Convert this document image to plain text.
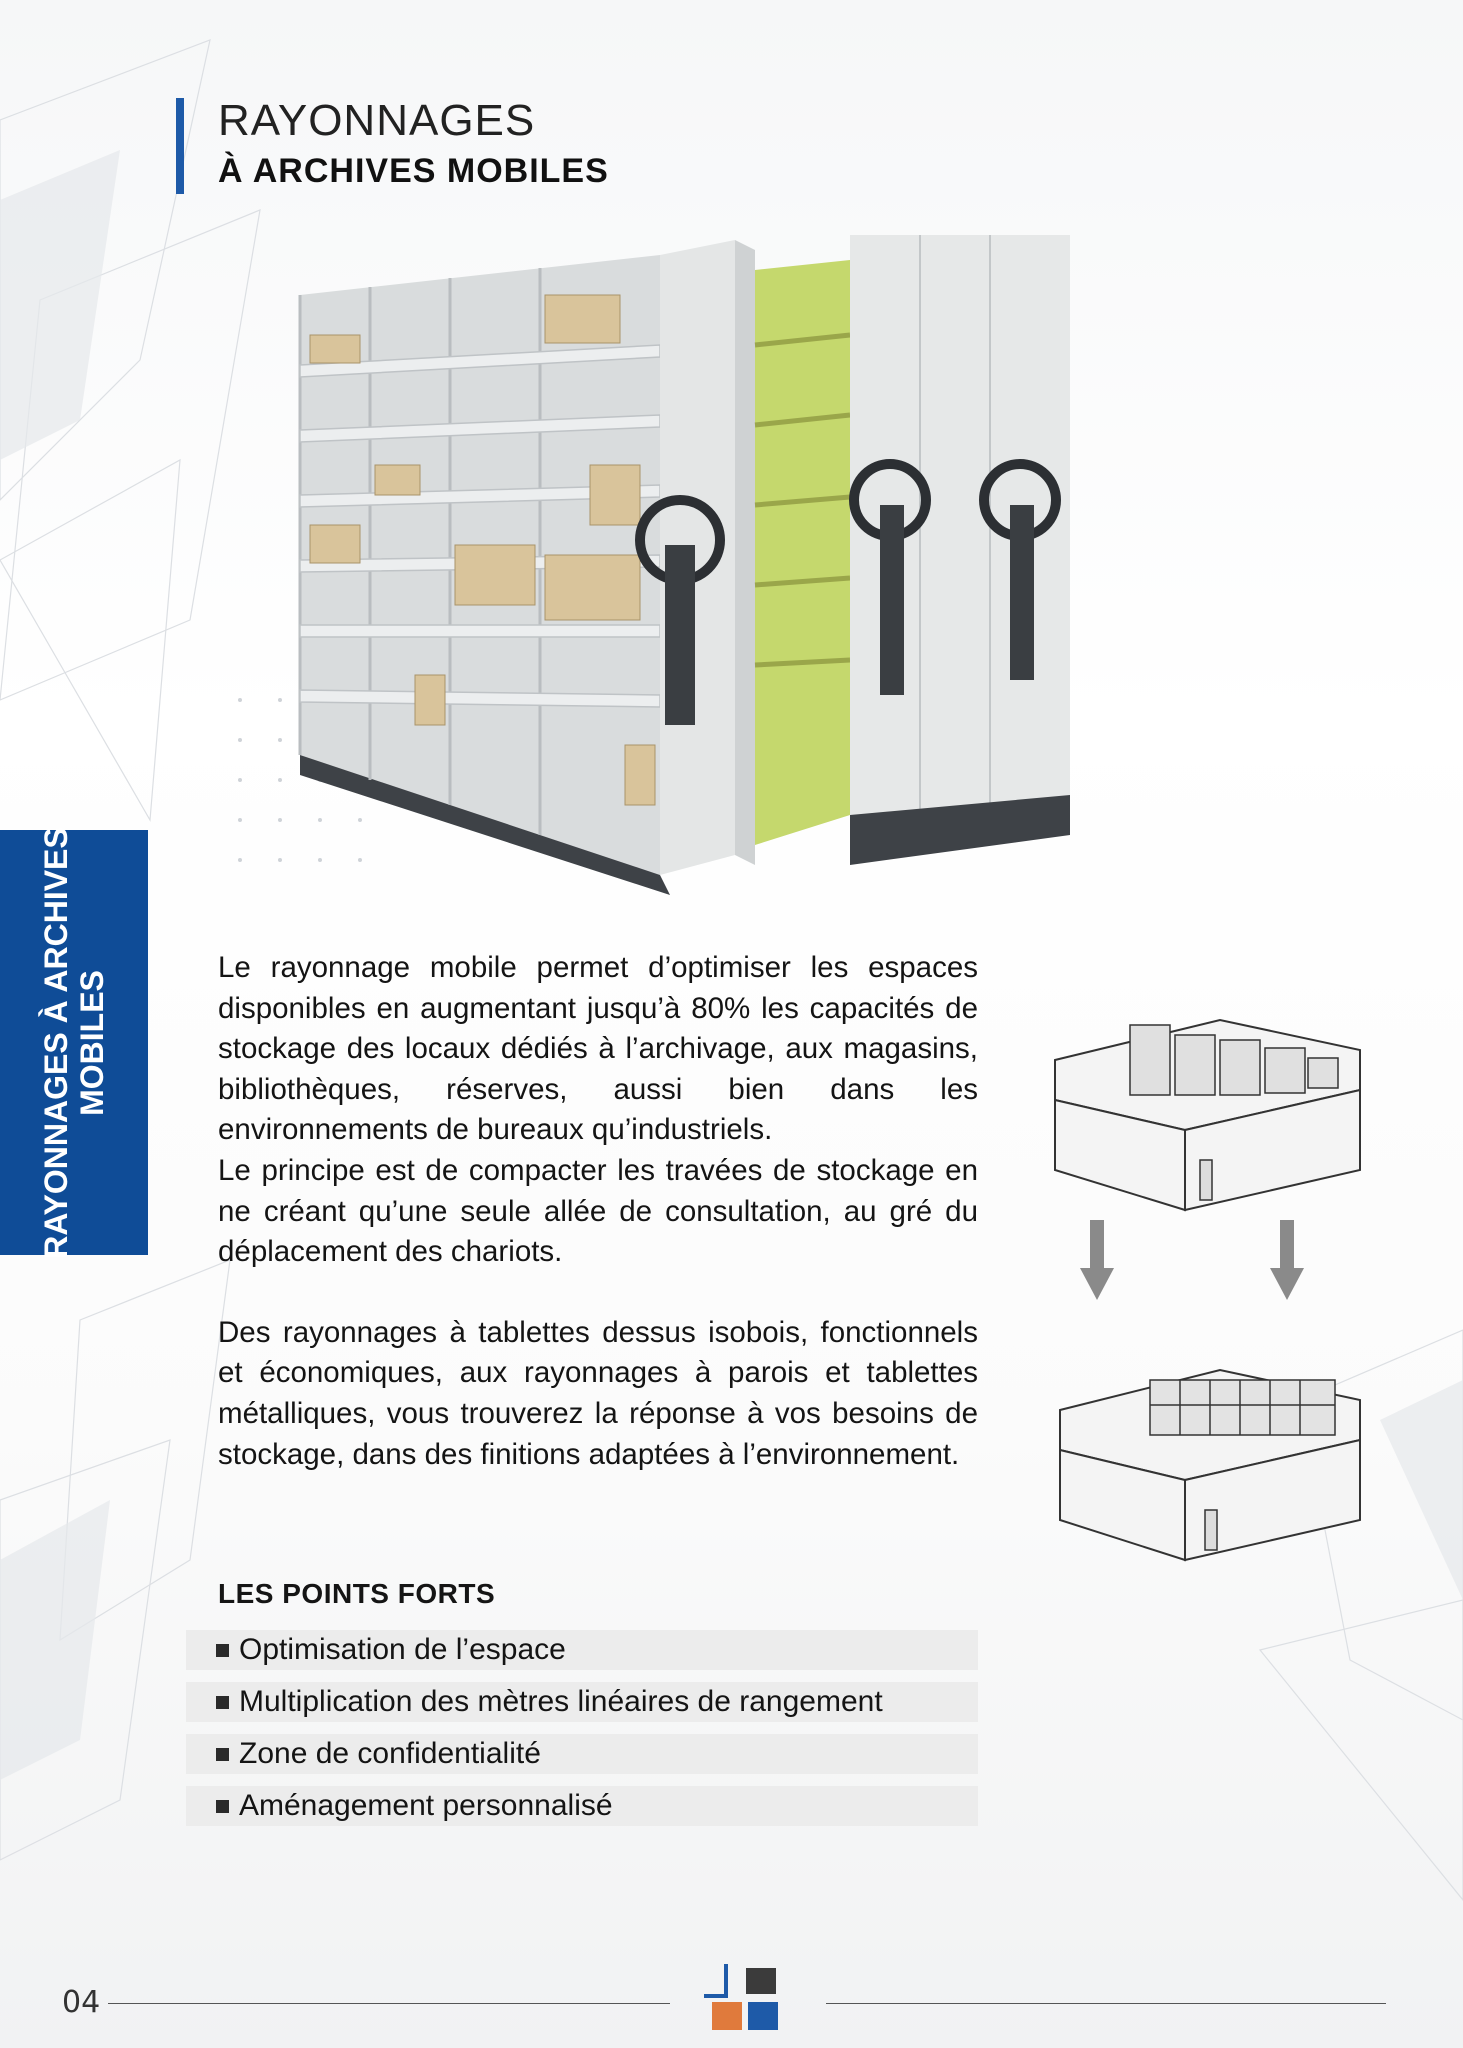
RAYONNAGES
À ARCHIVES MOBILES
RAYONNAGES À ARCHIVES MOBILES

Le rayonnage mobile permet d’optimiser les espaces disponibles en augmentant jusqu’à 80% les capacités de stockage des locaux dédiés à l’archivage, aux magasins, bibliothèques, réserves, aussi bien dans les environnements de bureaux qu’industriels.

Le principe est de compacter les travées de stockage en ne créant qu’une seule allée de consultation, au gré du déplacement des chariots.

Des rayonnages à tablettes dessus isobois, fonctionnels et économiques, aux rayonnages à parois et tablettes métalliques, vous trouverez la réponse à vos besoins de stockage, dans des finitions adaptées à l’environnement.

LES POINTS FORTS
Optimisation de l’espace
Multiplication des mètres linéaires de rangement
Zone de confidentialité
Aménagement personnalisé
04
